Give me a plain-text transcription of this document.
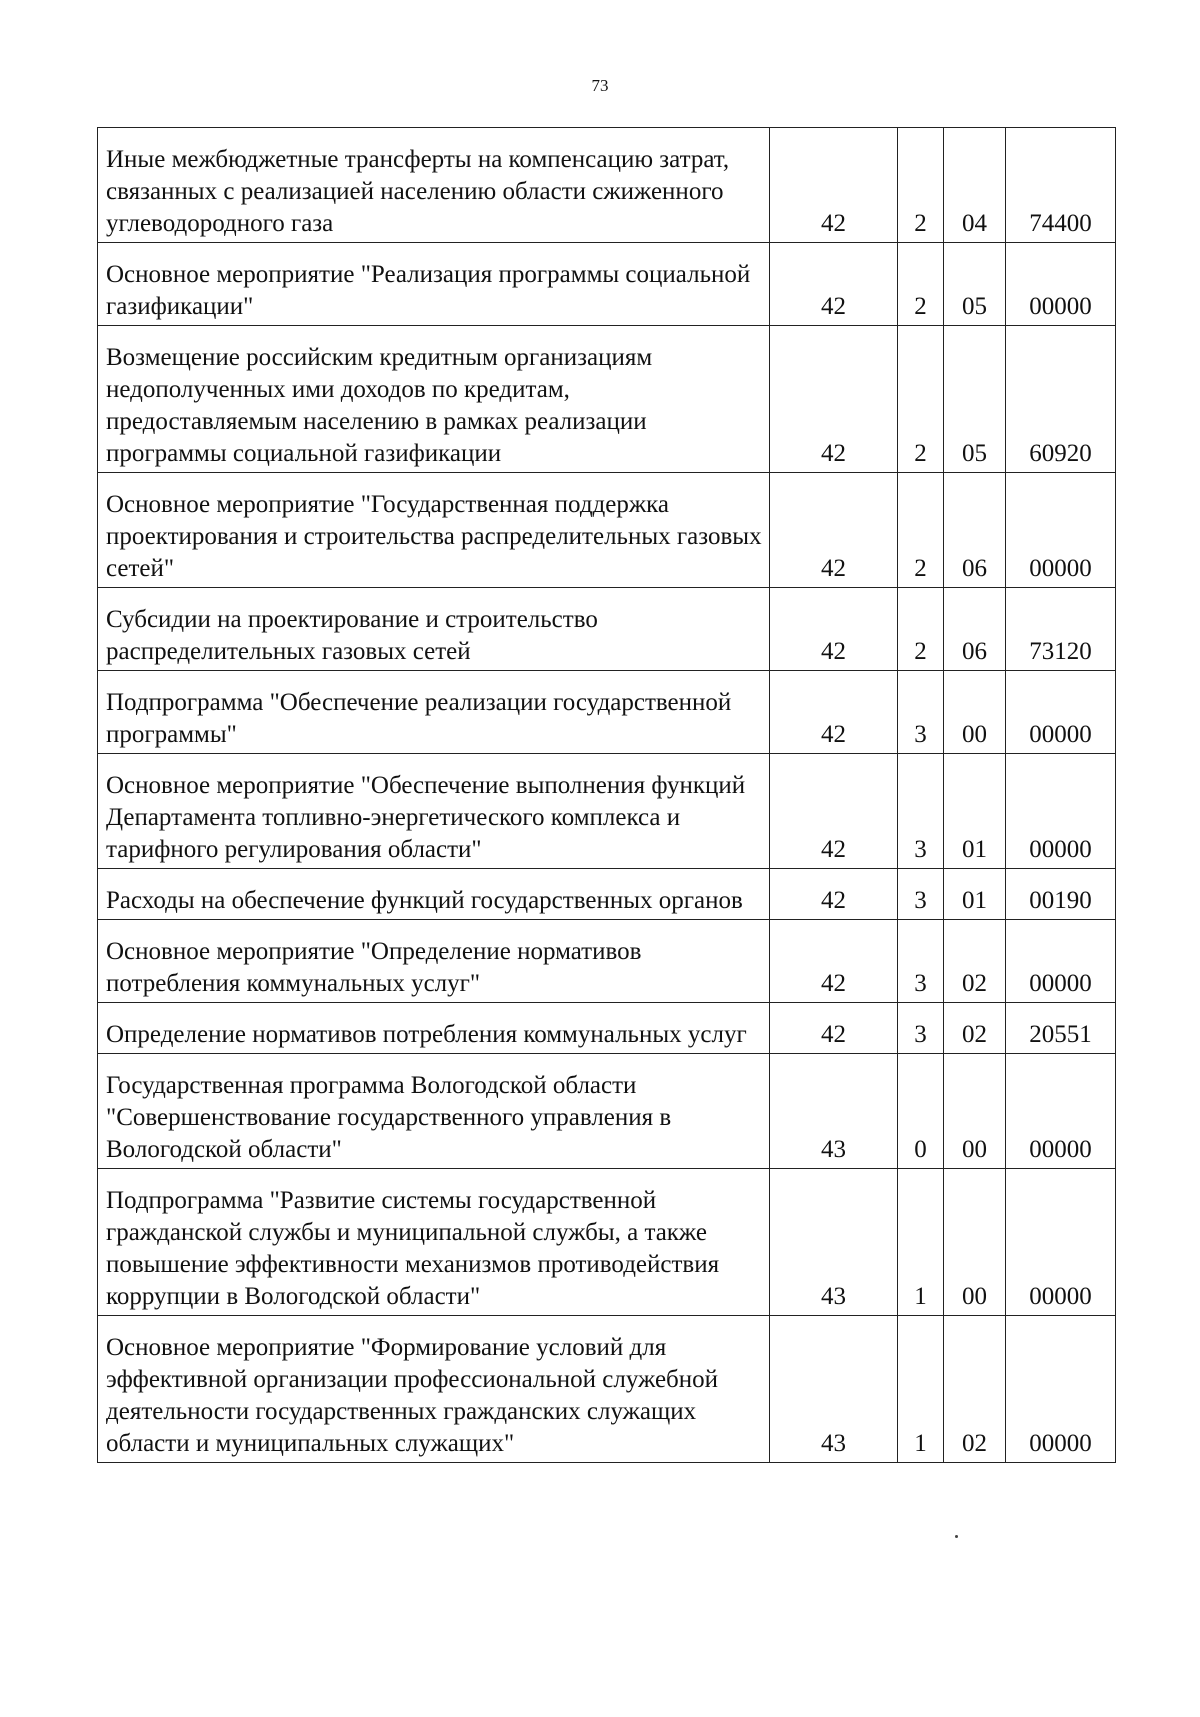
73
Иные межбюджетные трансферты на компенсацию затрат, связанных с реализацией населению области сжиженного углеводородного газа	42	2	04	74400
Основное мероприятие "Реализация программы социальной газификации"	42	2	05	00000
Возмещение российским кредитным организациям недополученных ими доходов по кредитам, предоставляемым населению в рамках реализации программы социальной газификации	42	2	05	60920
Основное мероприятие "Государственная поддержка проектирования и строительства распределительных газовых сетей"	42	2	06	00000
Субсидии на проектирование и строительство распределительных газовых сетей	42	2	06	73120
Подпрограмма "Обеспечение реализации государственной программы"	42	3	00	00000
Основное мероприятие "Обеспечение выполнения функций Департамента топливно-энергетического комплекса и тарифного регулирования области"	42	3	01	00000
Расходы на обеспечение функций государственных органов	42	3	01	00190
Основное мероприятие "Определение нормативов потребления коммунальных услуг"	42	3	02	00000
Определение нормативов потребления коммунальных услуг	42	3	02	20551
Государственная программа Вологодской области "Совершенствование государственного управления в Вологодской области"	43	0	00	00000
Подпрограмма "Развитие системы государственной гражданской службы и муниципальной службы, а также повышение эффективности механизмов противодействия коррупции в Вологодской области"	43	1	00	00000
Основное мероприятие "Формирование условий для эффективной организации профессиональной служебной деятельности государственных гражданских служащих области и муниципальных служащих"	43	1	02	00000
